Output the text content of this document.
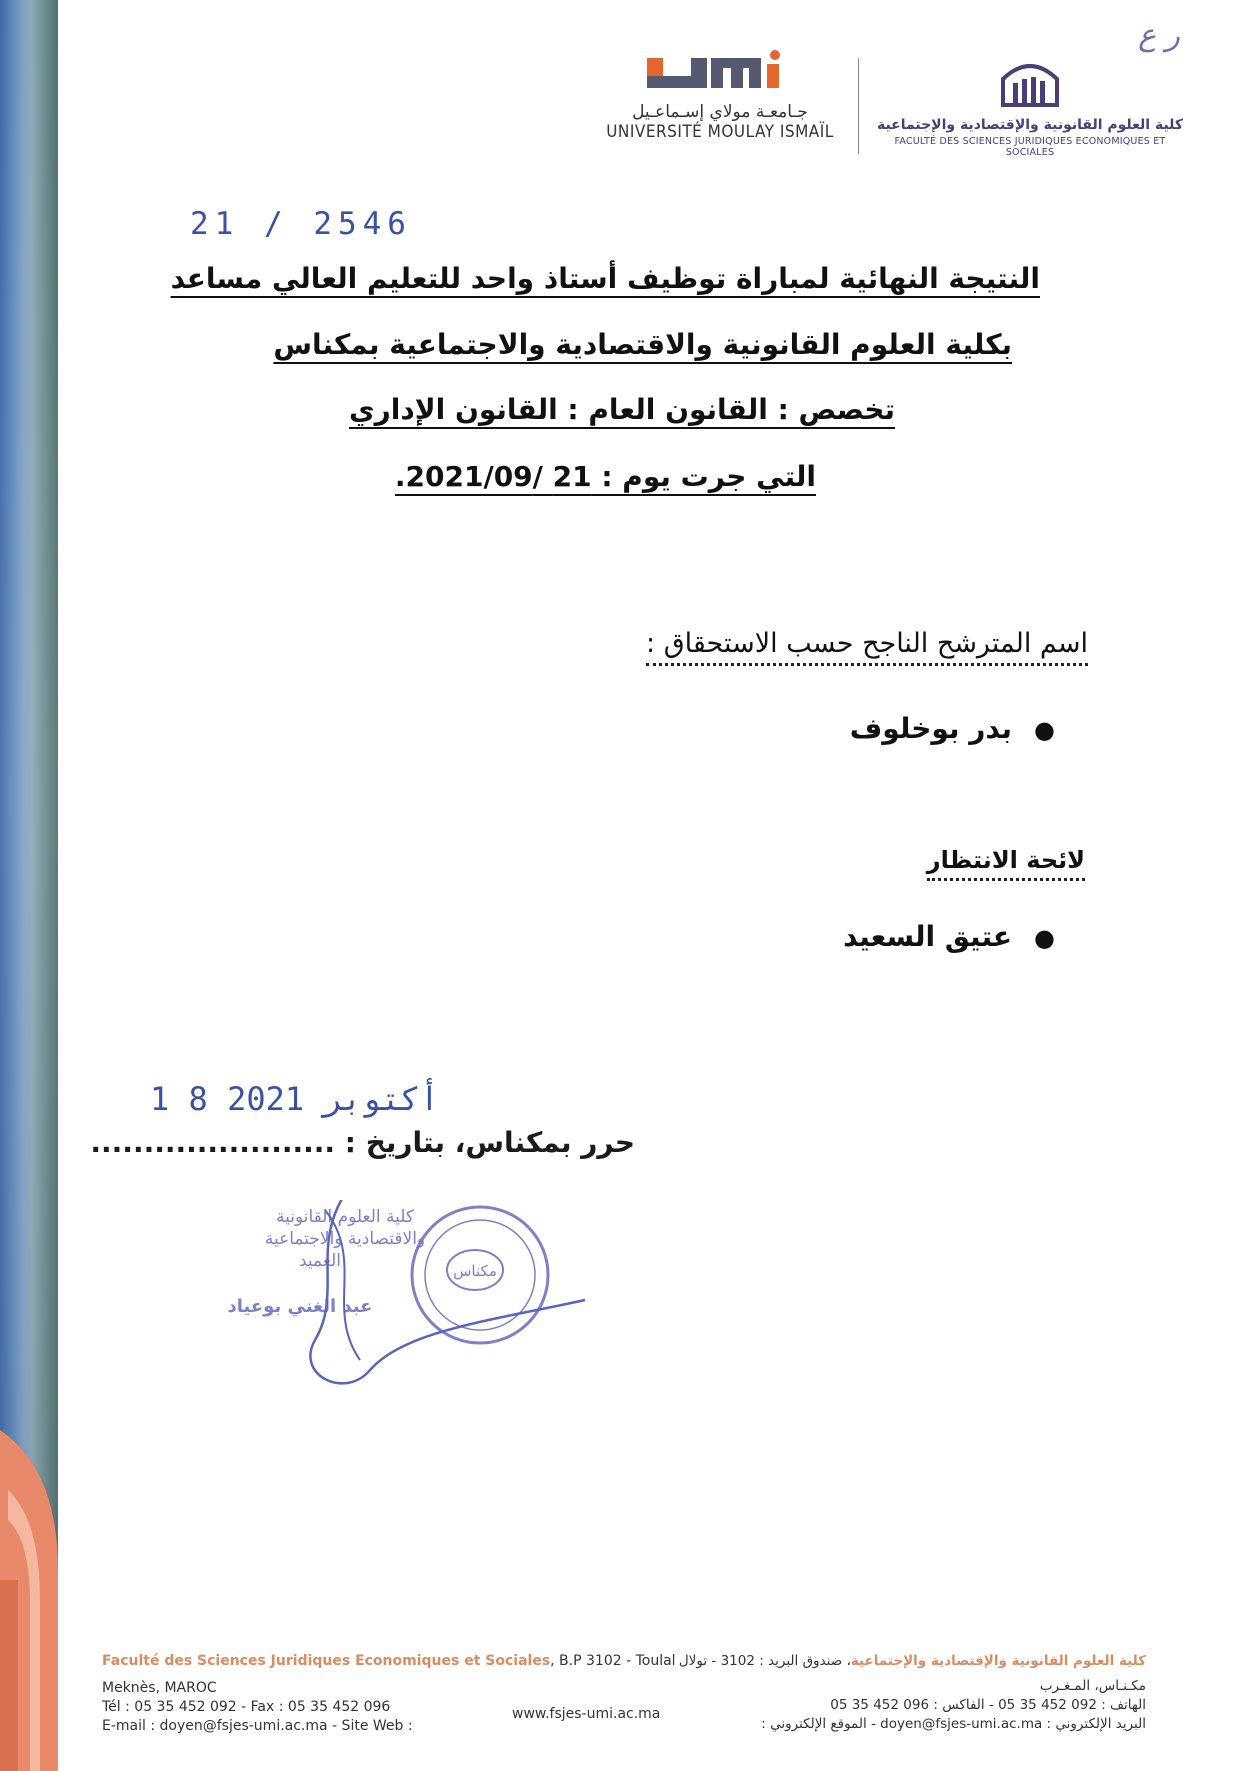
ر ع
جـامعـة مولاي إسـماعـيل
UNIVERSITÉ MOULAY ISMAÏL	كلية العلوم القانونية والإقتصادية والإجتماعية
FACULTÉ DES SCIENCES JURIDIQUES ECONOMIQUES ET SOCIALES
21 / 2546
النتيجة النهائية لمباراة توظيف أستاذ واحد للتعليم العالي مساعد
بكلية العلوم القانونية والاقتصادية والاجتماعية بمكناس
تخصص : القانون العام : القانون الإداري
التي جرت يوم : 21 /2021/09.
اسم المترشح الناجح حسب الاستحقاق :
●بدر بوخلوف
لائحة الانتظار
●عتيق السعيد
1 8 أكتوبر 2021
حرر بمكناس، بتاريخ : .......................
كلية العلوم القانونية
والاقتصادية والاجتماعية
العميد
عبد الغني بوعياد
مكناس
Faculté des Sciences Juridiques Economiques et Sociales, B.P 3102 - Toulal
Meknès, MAROC
Tél : 05 35 452 092 - Fax : 05 35 452 096
E-mail : doyen@fsjes-umi.ac.ma - Site Web :
www.fsjes-umi.ac.ma
كلية العلوم القانونية والإقتصادية والإجتماعية، صندوق البريد : 3102 - تولال
مكـنـاس، المـغـرب
الهاتف : 092 452 35 05 - الفاكس : 096 452 35 05
البريد الإلكتروني : doyen@fsjes-umi.ac.ma - الموقع الإلكتروني :
